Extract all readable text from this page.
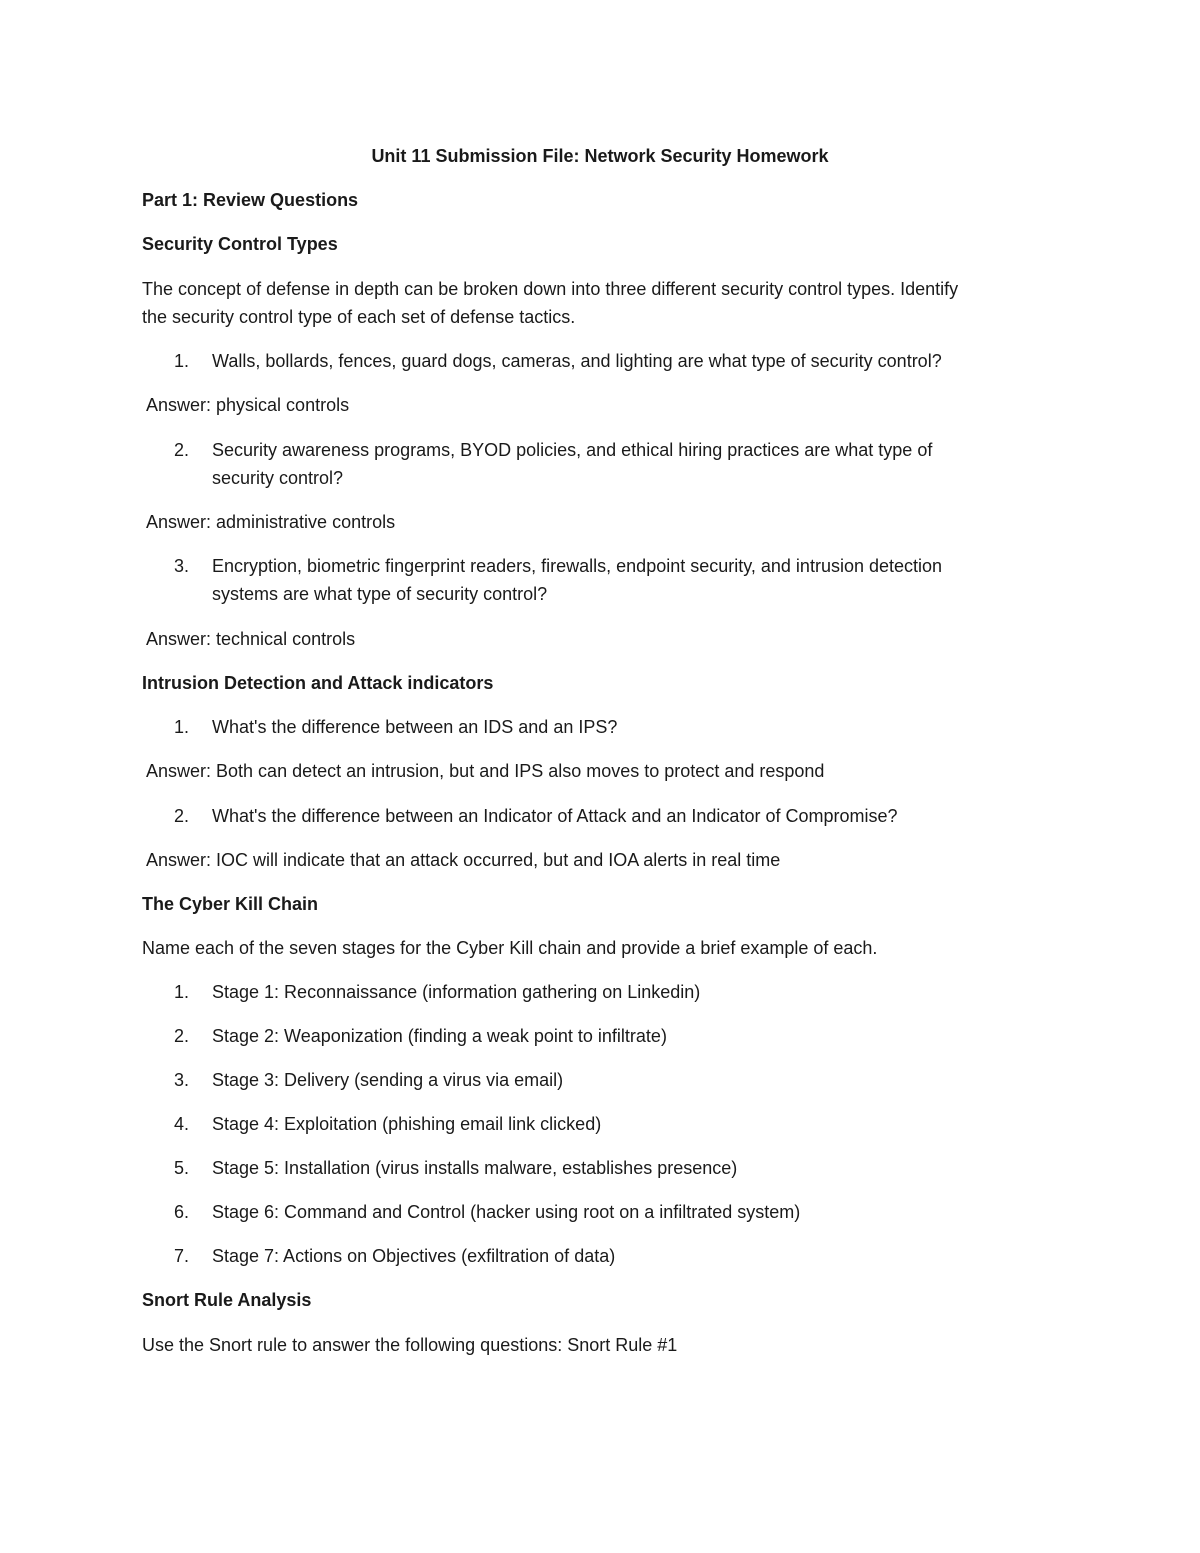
Unit 11 Submission File: Network Security Homework
Part 1: Review Questions
Security Control Types
The concept of defense in depth can be broken down into three different security control types. Identify
the security control type of each set of defense tactics.
1. Walls, bollards, fences, guard dogs, cameras, and lighting are what type of security control?
Answer: physical controls
2. Security awareness programs, BYOD policies, and ethical hiring practices are what type of
security control?
Answer: administrative controls
3. Encryption, biometric fingerprint readers, firewalls, endpoint security, and intrusion detection
systems are what type of security control?
Answer: technical controls
Intrusion Detection and Attack indicators
1. What's the difference between an IDS and an IPS?
Answer: Both can detect an intrusion, but and IPS also moves to protect and respond
2. What's the difference between an Indicator of Attack and an Indicator of Compromise?
Answer: IOC will indicate that an attack occurred, but and IOA alerts in real time
The Cyber Kill Chain
Name each of the seven stages for the Cyber Kill chain and provide a brief example of each.
1. Stage 1: Reconnaissance (information gathering on Linkedin)
2. Stage 2: Weaponization (finding a weak point to infiltrate)
3. Stage 3: Delivery (sending a virus via email)
4. Stage 4: Exploitation (phishing email link clicked)
5. Stage 5: Installation (virus installs malware, establishes presence)
6. Stage 6: Command and Control (hacker using root on a infiltrated system)
7. Stage 7: Actions on Objectives (exfiltration of data)
Snort Rule Analysis
Use the Snort rule to answer the following questions: Snort Rule #1
